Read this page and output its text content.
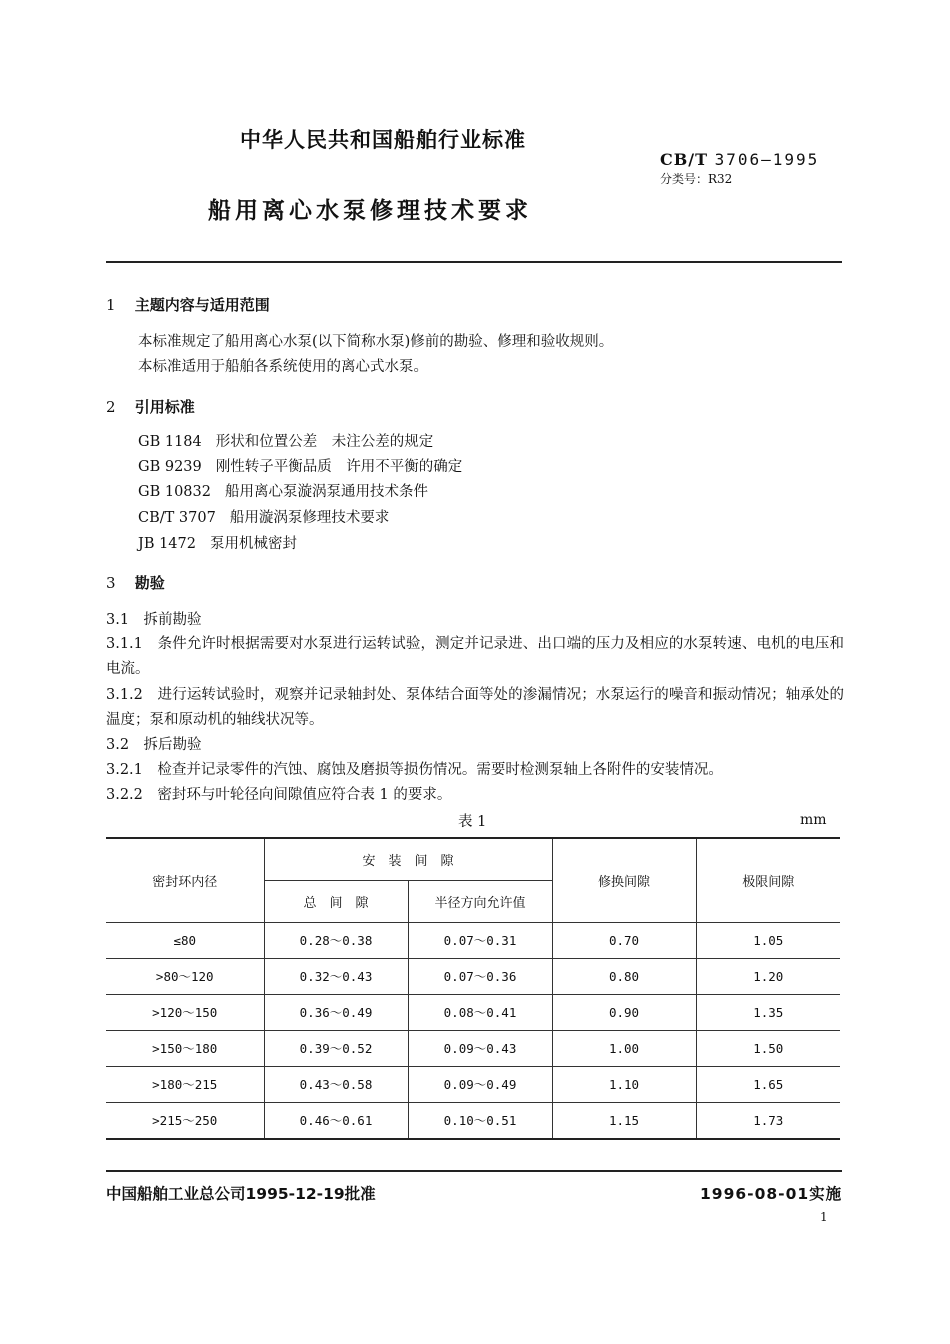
中华人民共和国船舶行业标准
CB/T 3706—1995
分类号：R32
船用离心水泵修理技术要求
1 主题内容与适用范围
本标准规定了船用离心水泵(以下简称水泵)修前的勘验、修理和验收规则。
本标准适用于船舶各系统使用的离心式水泵。
2 引用标准
GB 1184 形状和位置公差　未注公差的规定
GB 9239 刚性转子平衡品质　许用不平衡的确定
GB 10832 船用离心泵漩涡泵通用技术条件
CB/T 3707 船用漩涡泵修理技术要求
JB 1472 泵用机械密封
3 勘验
3.1　拆前勘验
3.1.1　条件允许时根据需要对水泵进行运转试验，测定并记录进、出口端的压力及相应的水泵转速、电机的电压和电流。
3.1.2　进行运转试验时，观察并记录轴封处、泵体结合面等处的渗漏情况；水泵运行的噪音和振动情况；轴承处的温度；泵和原动机的轴线状况等。
3.2　拆后勘验
3.2.1　检查并记录零件的汽蚀、腐蚀及磨损等损伤情况。需要时检测泵轴上各附件的安装情况。
3.2.2　密封环与叶轮径向间隙值应符合表 1 的要求。
表 1	mm
密封环内径	安　装　间　隙		修换间隙	极限间隙
	总　间　隙	半径方向允许值		
≤80	0.28～0.38	0.07～0.31	0.70	1.05
>80～120	0.32～0.43	0.07～0.36	0.80	1.20
>120～150	0.36～0.49	0.08～0.41	0.90	1.35
>150～180	0.39～0.52	0.09～0.43	1.00	1.50
>180～215	0.43～0.58	0.09～0.49	1.10	1.65
>215～250	0.46～0.61	0.10～0.51	1.15	1.73
中国船舶工业总公司1995-12-19批准	1996-08-01实施
1
